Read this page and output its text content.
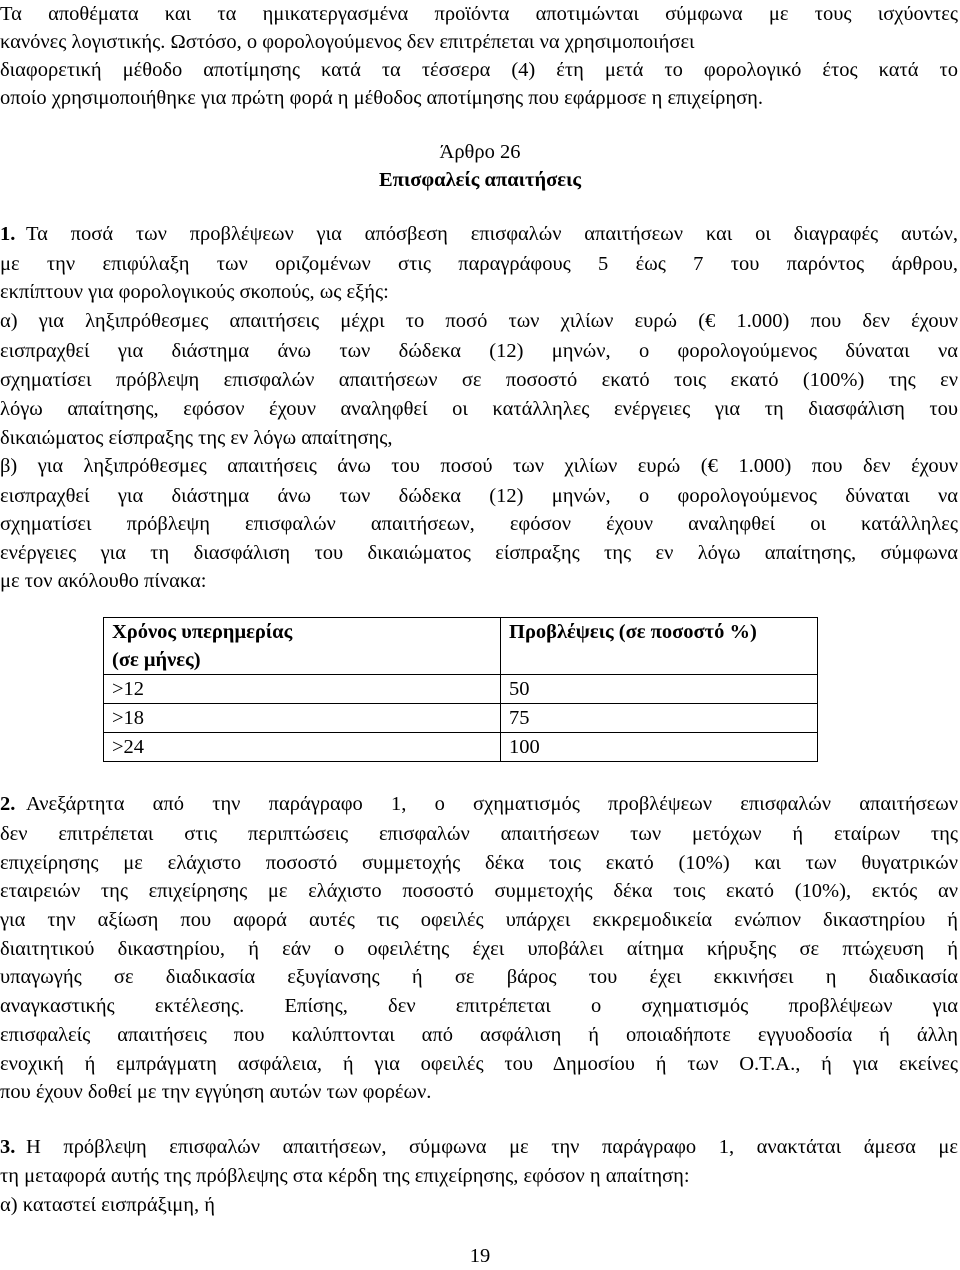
Τα αποθέματα και τα ημικατεργασμένα προϊόντα αποτιμώνται σύμφωνα με τους ισχύοντες
κανόνες λογιστικής. Ωστόσο, ο φορολογούμενος δεν επιτρέπεται να χρησιμοποιήσει
διαφορετική μέθοδο αποτίμησης κατά τα τέσσερα (4) έτη μετά το φορολογικό έτος κατά το
οποίο χρησιμοποιήθηκε για πρώτη φορά η μέθοδος αποτίμησης που εφάρμοσε η επιχείρηση.
Άρθρο 26
Επισφαλείς απαιτήσεις
1. Τα ποσά των προβλέψεων για απόσβεση επισφαλών απαιτήσεων και οι διαγραφές αυτών,
με την επιφύλαξη των οριζομένων στις παραγράφους 5 έως 7 του παρόντος άρθρου,
εκπίπτουν για φορολογικούς σκοπούς, ως εξής:
α) για ληξιπρόθεσμες απαιτήσεις μέχρι το ποσό των χιλίων ευρώ (€ 1.000) που δεν έχουν
εισπραχθεί για διάστημα άνω των δώδεκα (12) μηνών, ο φορολογούμενος δύναται να
σχηματίσει πρόβλεψη επισφαλών απαιτήσεων σε ποσοστό εκατό τοις εκατό (100%) της εν
λόγω απαίτησης, εφόσον έχουν αναληφθεί οι κατάλληλες ενέργειες για τη διασφάλιση του
δικαιώματος είσπραξης της εν λόγω απαίτησης,
β) για ληξιπρόθεσμες απαιτήσεις άνω του ποσού των χιλίων ευρώ (€ 1.000) που δεν έχουν
εισπραχθεί για διάστημα άνω των δώδεκα (12) μηνών, ο φορολογούμενος δύναται να
σχηματίσει πρόβλεψη επισφαλών απαιτήσεων, εφόσον έχουν αναληφθεί οι κατάλληλες
ενέργειες για τη διασφάλιση του δικαιώματος είσπραξης της εν λόγω απαίτησης, σύμφωνα
με τον ακόλουθο πίνακα:
Χρόνος υπερημερίας
(σε μήνες)	Προβλέψεις (σε ποσοστό %)
>12	50
>18	75
>24	100
2. Ανεξάρτητα από την παράγραφο 1, ο σχηματισμός προβλέψεων επισφαλών απαιτήσεων
δεν επιτρέπεται στις περιπτώσεις επισφαλών απαιτήσεων των μετόχων ή εταίρων της
επιχείρησης με ελάχιστο ποσοστό συμμετοχής δέκα τοις εκατό (10%) και των θυγατρικών
εταιρειών της επιχείρησης με ελάχιστο ποσοστό συμμετοχής δέκα τοις εκατό (10%), εκτός αν
για την αξίωση που αφορά αυτές τις οφειλές υπάρχει εκκρεμοδικεία ενώπιον δικαστηρίου ή
διαιτητικού δικαστηρίου, ή εάν ο οφειλέτης έχει υποβάλει αίτημα κήρυξης σε πτώχευση ή
υπαγωγής σε διαδικασία εξυγίανσης ή σε βάρος του έχει εκκινήσει η διαδικασία
αναγκαστικής εκτέλεσης. Επίσης, δεν επιτρέπεται ο σχηματισμός προβλέψεων για
επισφαλείς απαιτήσεις που καλύπτονται από ασφάλιση ή οποιαδήποτε εγγυοδοσία ή άλλη
ενοχική ή εμπράγματη ασφάλεια, ή για οφειλές του Δημοσίου ή των Ο.Τ.Α., ή για εκείνες
που έχουν δοθεί με την εγγύηση αυτών των φορέων.
3. Η πρόβλεψη επισφαλών απαιτήσεων, σύμφωνα με την παράγραφο 1, ανακτάται άμεσα με
τη μεταφορά αυτής της πρόβλεψης στα κέρδη της επιχείρησης, εφόσον η απαίτηση:
α) καταστεί εισπράξιμη, ή
19
